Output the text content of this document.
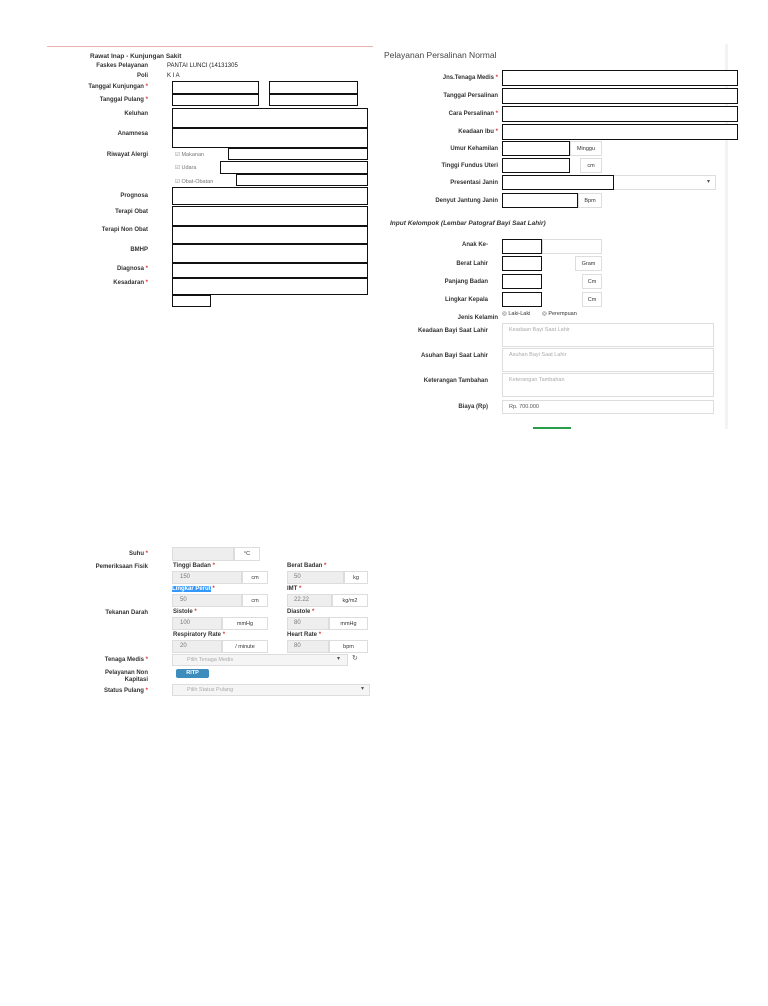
Rawat Inap - Kunjungan Sakit
Faskes Pelayanan	PANTAI LUNCI (14131305
Poli	K I A
Tanggal Kunjungan *
Tanggal Pulang *
Keluhan
Anamnesa
Riwayat Alergi	☑ Makanan
☑ Udara
☑ Obat-Obatan
Prognosa
Terapi Obat
Terapi Non Obat
BMHP
Diagnosa *
Kesadaran *
Pelayanan Persalinan Normal
Jns.Tenaga Medis *
Tanggal Persalinan
Cara Persalinan *
Keadaan Ibu *
Umur Kehamilan	Minggu
Tinggi Fundus Uteri	cm
Presentasi Janin	▾
Denyut Jantung Janin	Bpm
Input Kelompok (Lembar Patograf Bayi Saat Lahir)
Anak Ke-
Berat Lahir	Gram
Panjang Badan	Cm
Lingkar Kepala	Cm
Jenis Kelamin
◎ Laki-Laki ◎ Perempuan
Keadaan Bayi Saat Lahir	Keadaan Bayi Saat Lahir
Asuhan Bayi Saat Lahir	Asuhan Bayi Saat Lahir
Keterangan Tambahan	Keterangan Tambahan
Biaya (Rp)	Rp. 700.000
Suhu *	°C
Pemeriksaan Fisik	Tinggi Badan *
150	cm
Berat Badan *
50	kg
Lingkar Perut *
50	cm
IMT *
22.22	kg/m2
Tekanan Darah	Sistole *
100	mmHg
Diastole *
80	mmHg
Respiratory Rate *
20	/ minute
Heart Rate *
80	bpm
Tenaga Medis *	Pilih Tenaga Medis	▾ ↻
Pelayanan Non Kapitasi
RITP
Status Pulang *	Pilih Status Pulang	▾
